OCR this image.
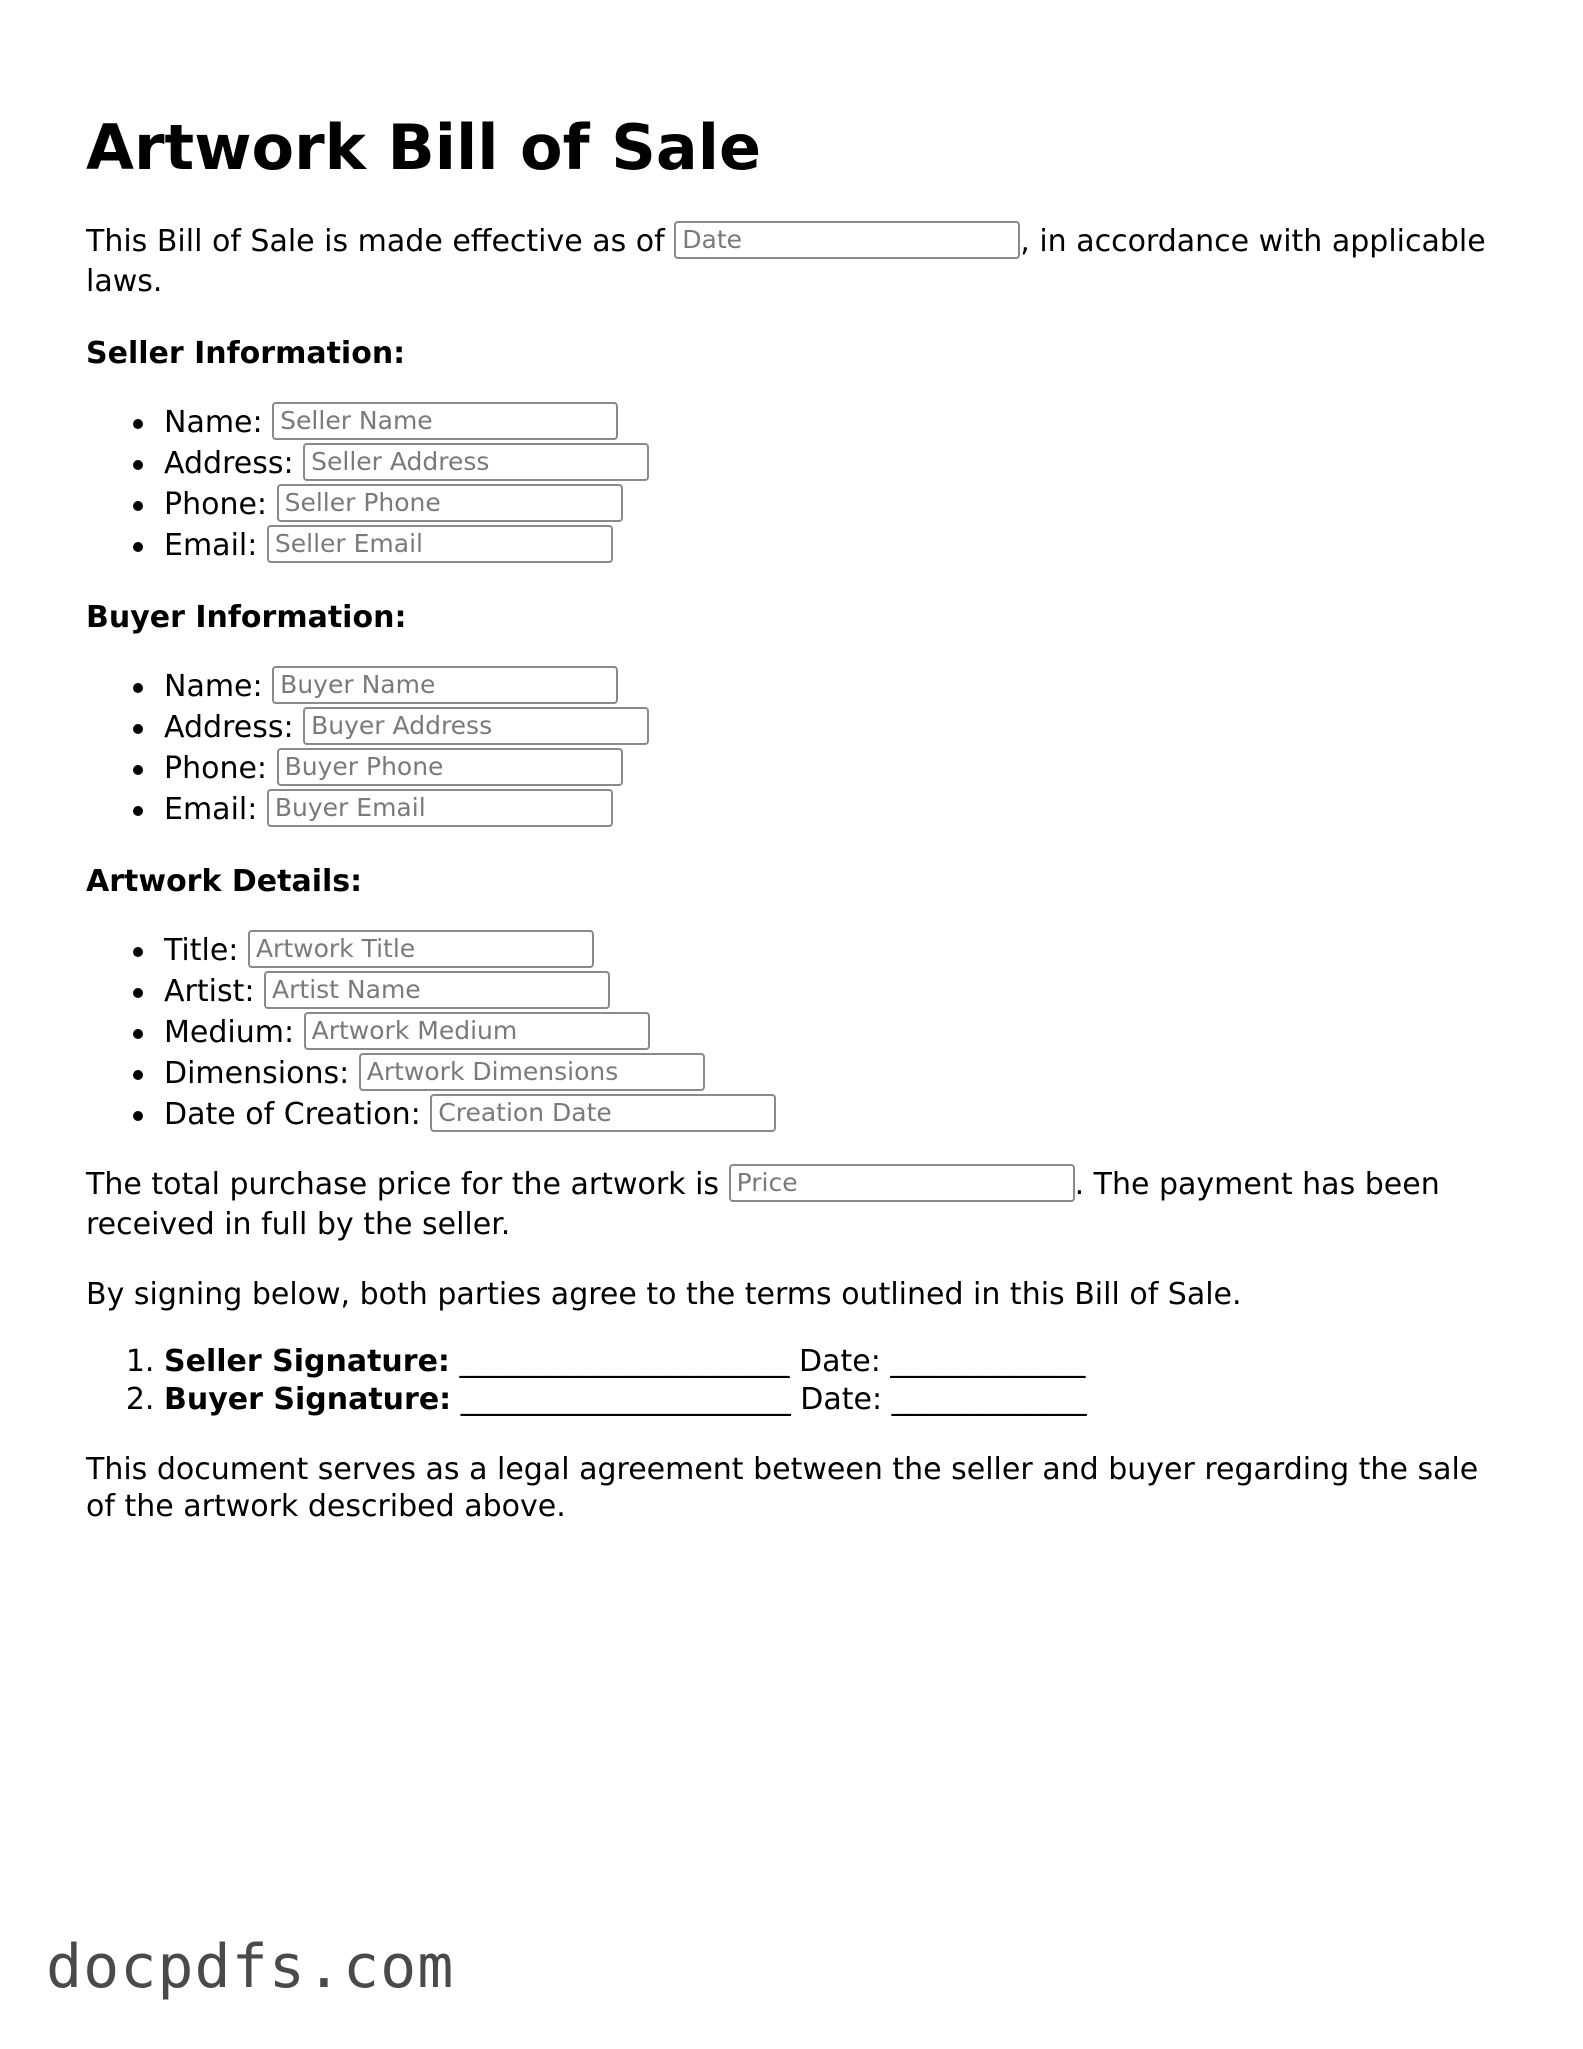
Artwork Bill of Sale

This Bill of Sale is made effective as of Date	, in accordance with applicable laws.

Seller Information:

Name: Seller Name
Address: Seller Address
Phone: Seller Phone
Email: Seller Email

Buyer Information:

Name: Buyer Name
Address: Buyer Address
Phone: Buyer Phone
Email: Buyer Email

Artwork Details:

Title: Artwork Title
Artist: Artist Name
Medium: Artwork Medium
Dimensions: Artwork Dimensions
Date of Creation: Creation Date

The total purchase price for the artwork is Price	. The payment has been received in full by the seller.

By signing below, both parties agree to the terms outlined in this Bill of Sale.

1. Seller Signature: ______________________ Date: _____________
2. Buyer Signature: ______________________ Date: _____________

This document serves as a legal agreement between the seller and buyer regarding the sale of the artwork described above.

docpdfs.com
